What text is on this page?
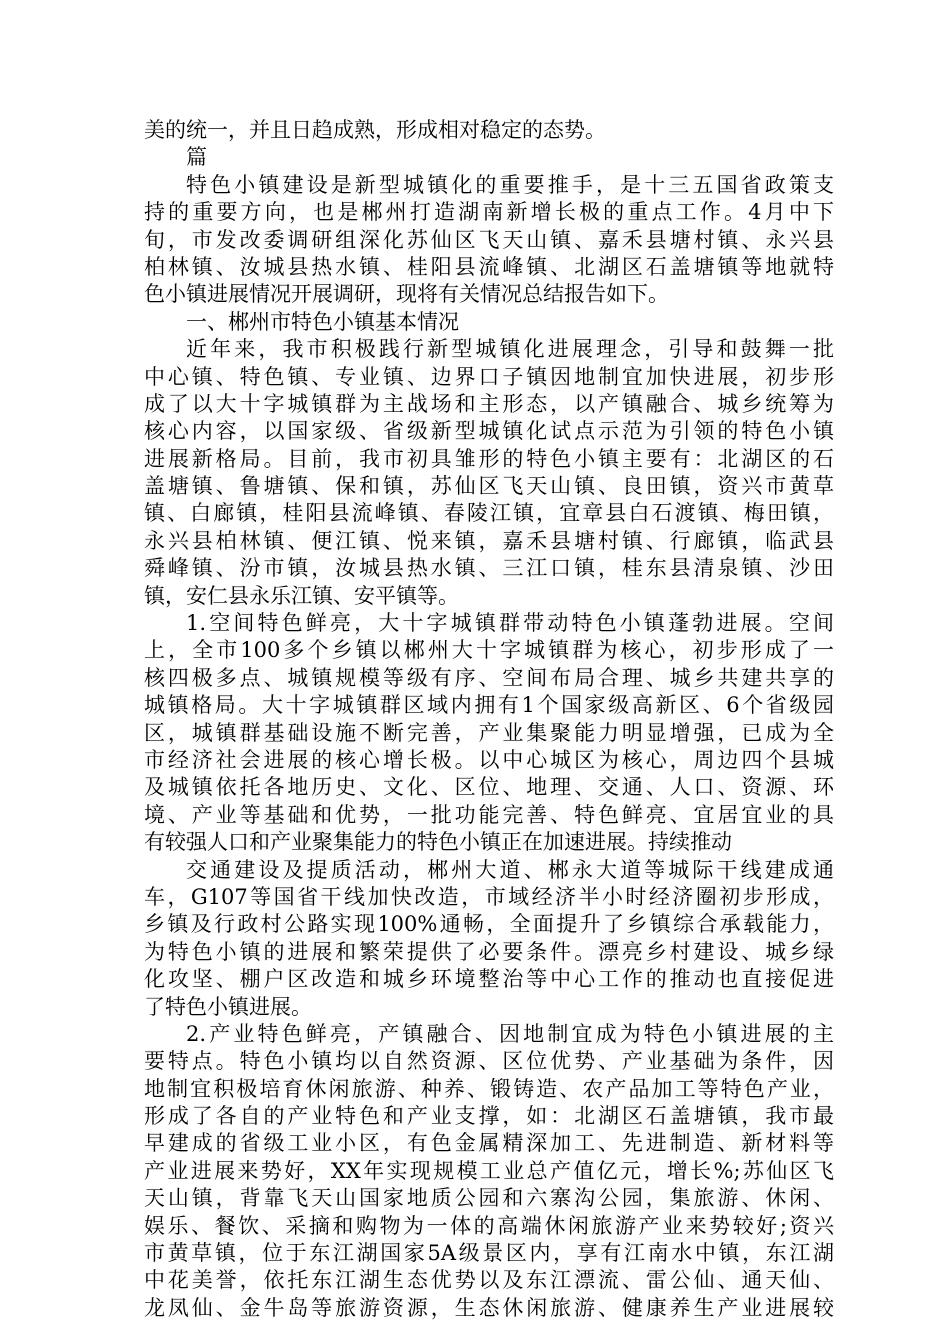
美的统一，并且日趋成熟，形成相对稳定的态势。
篇
特色小镇建设是新型城镇化的重要推手，是十三五国省政策支
持的重要方向，也是郴州打造湖南新增长极的重点工作。4月中下
旬，市发改委调研组深化苏仙区飞天山镇、嘉禾县塘村镇、永兴县
柏林镇、汝城县热水镇、桂阳县流峰镇、北湖区石盖塘镇等地就特
色小镇进展情况开展调研，现将有关情况总结报告如下。
一、郴州市特色小镇基本情况
近年来，我市积极践行新型城镇化进展理念，引导和鼓舞一批
中心镇、特色镇、专业镇、边界口子镇因地制宜加快进展，初步形
成了以大十字城镇群为主战场和主形态，以产镇融合、城乡统筹为
核心内容，以国家级、省级新型城镇化试点示范为引领的特色小镇
进展新格局。目前，我市初具雏形的特色小镇主要有：北湖区的石
盖塘镇、鲁塘镇、保和镇，苏仙区飞天山镇、良田镇，资兴市黄草
镇、白廊镇，桂阳县流峰镇、春陵江镇，宜章县白石渡镇、梅田镇，
永兴县柏林镇、便江镇、悦来镇，嘉禾县塘村镇、行廊镇，临武县
舜峰镇、汾市镇，汝城县热水镇、三江口镇，桂东县清泉镇、沙田
镇，安仁县永乐江镇、安平镇等。
1.空间特色鲜亮，大十字城镇群带动特色小镇蓬勃进展。空间
上，全市100多个乡镇以郴州大十字城镇群为核心，初步形成了一
核四极多点、城镇规模等级有序、空间布局合理、城乡共建共享的
城镇格局。大十字城镇群区域内拥有1个国家级高新区、6个省级园
区，城镇群基础设施不断完善，产业集聚能力明显增强，已成为全
市经济社会进展的核心增长极。以中心城区为核心，周边四个县城
及城镇依托各地历史、文化、区位、地理、交通、人口、资源、环
境、产业等基础和优势，一批功能完善、特色鲜亮、宜居宜业的具
有较强人口和产业聚集能力的特色小镇正在加速进展。持续推动
交通建设及提质活动，郴州大道、郴永大道等城际干线建成通
车，G107等国省干线加快改造，市域经济半小时经济圈初步形成，
乡镇及行政村公路实现100%通畅，全面提升了乡镇综合承载能力，
为特色小镇的进展和繁荣提供了必要条件。漂亮乡村建设、城乡绿
化攻坚、棚户区改造和城乡环境整治等中心工作的推动也直接促进
了特色小镇进展。
2.产业特色鲜亮，产镇融合、因地制宜成为特色小镇进展的主
要特点。特色小镇均以自然资源、区位优势、产业基础为条件，因
地制宜积极培育休闲旅游、种养、锻铸造、农产品加工等特色产业，
形成了各自的产业特色和产业支撑，如：北湖区石盖塘镇，我市最
早建成的省级工业小区，有色金属精深加工、先进制造、新材料等
产业进展来势好，XX年实现规模工业总产值亿元，增长%;苏仙区飞
天山镇，背靠飞天山国家地质公园和六寨沟公园，集旅游、休闲、
娱乐、餐饮、采摘和购物为一体的高端休闲旅游产业来势较好;资兴
市黄草镇，位于东江湖国家5A级景区内，享有江南水中镇，东江湖
中花美誉，依托东江湖生态优势以及东江漂流、雷公仙、通天仙、
龙凤仙、金牛岛等旅游资源，生态休闲旅游、健康养生产业进展较
